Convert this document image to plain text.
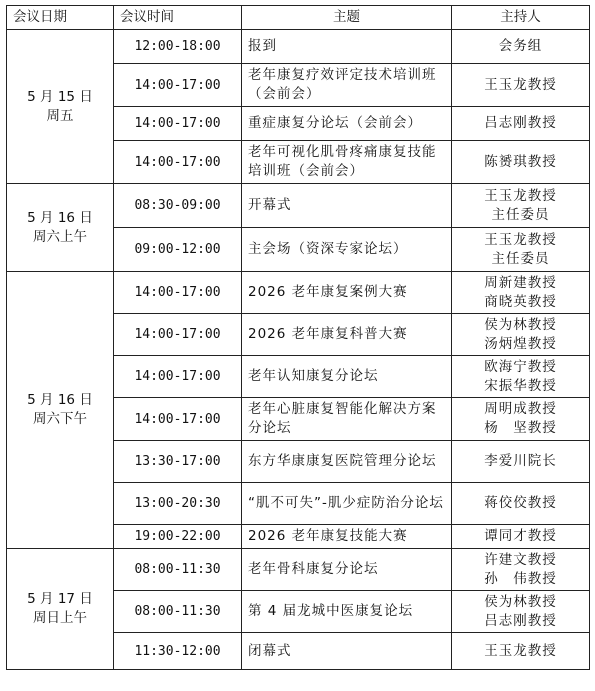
会议日期	会议时间	主题	主持人

5 月 15 日
周五	12:00-18:00	报到	会务组

	14:00-17:00	老年康复疗效评定技术培训班（会前会）	王玉龙教授

	14:00-17:00	重症康复分论坛（会前会）	吕志刚教授

	14:00-17:00	老年可视化肌骨疼痛康复技能培训班（会前会）	陈赟琪教授

5 月 16 日
周六上午	08:30-09:00	开幕式	王玉龙教授
主任委员

	09:00-12:00	主会场（资深专家论坛）	王玉龙教授
主任委员

5 月 16 日
周六下午	14:00-17:00	2026 老年康复案例大赛	周新建教授
商晓英教授

	14:00-17:00	2026 老年康复科普大赛	侯为林教授
汤炳煌教授

	14:00-17:00	老年认知康复分论坛	欧海宁教授
宋振华教授

	14:00-17:00	老年心脏康复智能化解决方案分论坛	周明成教授
杨　坚教授

	13:30-17:00	东方华康康复医院管理分论坛	李爱川院长

	13:00-20:30	“肌不可失”-肌少症防治分论坛	蒋佼佼教授

	19:00-22:00	2026 老年康复技能大赛	谭同才教授

5 月 17 日
周日上午	08:00-11:30	老年骨科康复分论坛	许建文教授
孙　伟教授

	08:00-11:30	第 4 届龙城中医康复论坛	侯为林教授
吕志刚教授

	11:30-12:00	闭幕式	王玉龙教授
